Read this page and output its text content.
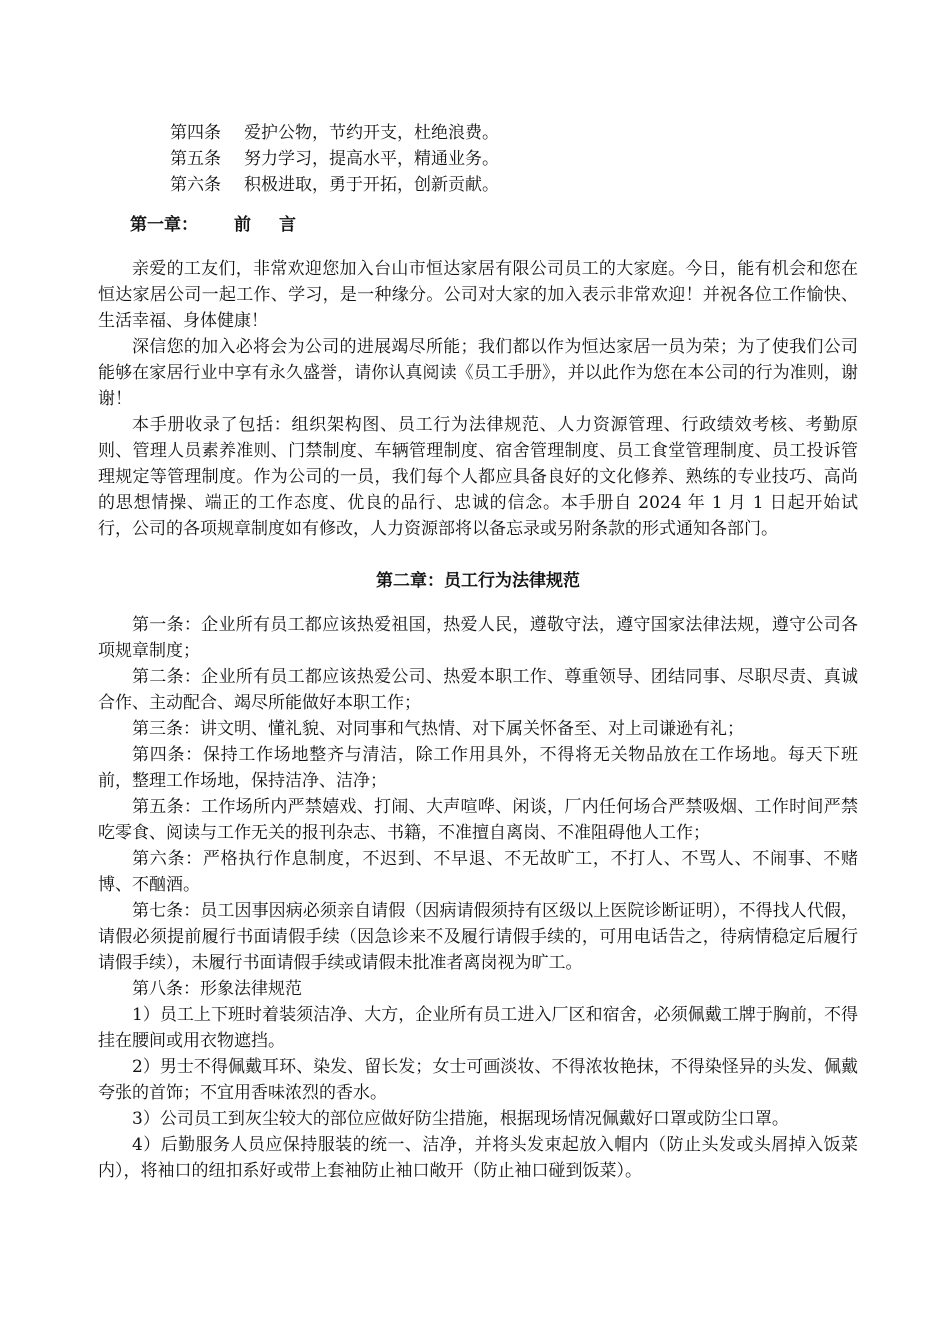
第四条 爱护公物，节约开支，杜绝浪费。

第五条 努力学习，提高水平，精通业务。

第六条 积极进取，勇于开拓，创新贡献。

第一章： 前 言

亲爱的工友们，非常欢迎您加入台山市恒达家居有限公司员工的大家庭。今日，能有机会和您在恒达家居公司一起工作、学习，是一种缘分。公司对大家的加入表示非常欢迎！并祝各位工作愉快、生活幸福、身体健康！

深信您的加入必将会为公司的进展竭尽所能；我们都以作为恒达家居一员为荣；为了使我们公司能够在家居行业中享有永久盛誉，请你认真阅读《员工手册》，并以此作为您在本公司的行为准则，谢谢！

本手册收录了包括：组织架构图、员工行为法律规范、人力资源管理、行政绩效考核、考勤原则、管理人员素养准则、门禁制度、车辆管理制度、宿舍管理制度、员工食堂管理制度、员工投诉管理规定等管理制度。作为公司的一员，我们每个人都应具备良好的文化修养、熟练的专业技巧、高尚的思想情操、端正的工作态度、优良的品行、忠诚的信念。本手册自 2024 年 1 月 1 日起开始试行，公司的各项规章制度如有修改，人力资源部将以备忘录或另附条款的形式通知各部门。

第二章：员工行为法律规范

第一条：企业所有员工都应该热爱祖国，热爱人民，遵敬守法，遵守国家法律法规，遵守公司各项规章制度；

第二条：企业所有员工都应该热爱公司、热爱本职工作、尊重领导、团结同事、尽职尽责、真诚合作、主动配合、竭尽所能做好本职工作；

第三条：讲文明、懂礼貌、对同事和气热情、对下属关怀备至、对上司谦逊有礼；

第四条：保持工作场地整齐与清洁，除工作用具外，不得将无关物品放在工作场地。每天下班前，整理工作场地，保持洁净、洁净；

第五条：工作场所内严禁嬉戏、打闹、大声喧哗、闲谈，厂内任何场合严禁吸烟、工作时间严禁吃零食、阅读与工作无关的报刊杂志、书籍，不准擅自离岗、不准阻碍他人工作；

第六条：严格执行作息制度，不迟到、不早退、不无故旷工，不打人、不骂人、不闹事、不赌博、不酗酒。

第七条：员工因事因病必须亲自请假（因病请假须持有区级以上医院诊断证明），不得找人代假，请假必须提前履行书面请假手续（因急诊来不及履行请假手续的，可用电话告之，待病情稳定后履行请假手续），未履行书面请假手续或请假未批准者离岗视为旷工。

第八条：形象法律规范

1）员工上下班时着装须洁净、大方，企业所有员工进入厂区和宿舍，必须佩戴工牌于胸前，不得挂在腰间或用衣物遮挡。

2）男士不得佩戴耳环、染发、留长发；女士可画淡妆、不得浓妆艳抹，不得染怪异的头发、佩戴夸张的首饰；不宜用香味浓烈的香水。

3）公司员工到灰尘较大的部位应做好防尘措施，根据现场情况佩戴好口罩或防尘口罩。

4）后勤服务人员应保持服装的统一、洁净，并将头发束起放入帽内（防止头发或头屑掉入饭菜内），将袖口的纽扣系好或带上套袖防止袖口敞开（防止袖口碰到饭菜）。
